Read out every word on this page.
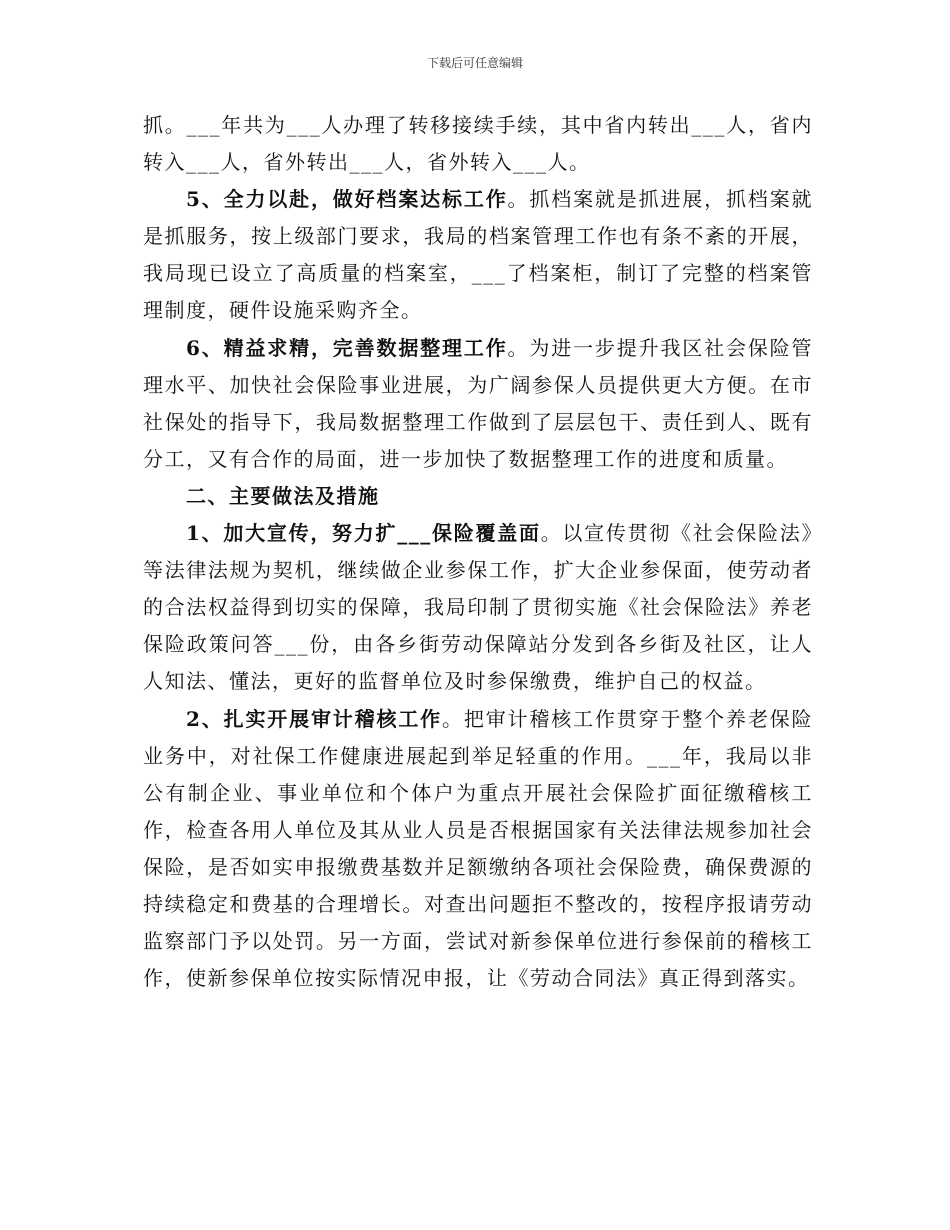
下载后可任意编辑

抓。___年共为___人办理了转移接续手续，其中省内转出___人，省内转入___人，省外转出___人，省外转入___人。

5、全力以赴，做好档案达标工作。抓档案就是抓进展，抓档案就是抓服务，按上级部门要求，我局的档案管理工作也有条不紊的开展，我局现已设立了高质量的档案室，___了档案柜，制订了完整的档案管理制度，硬件设施采购齐全。

6、精益求精，完善数据整理工作。为进一步提升我区社会保险管理水平、加快社会保险事业进展，为广阔参保人员提供更大方便。在市社保处的指导下，我局数据整理工作做到了层层包干、责任到人、既有分工，又有合作的局面，进一步加快了数据整理工作的进度和质量。

二、主要做法及措施

1、加大宣传，努力扩___保险覆盖面。以宣传贯彻《社会保险法》等法律法规为契机，继续做企业参保工作，扩大企业参保面，使劳动者的合法权益得到切实的保障，我局印制了贯彻实施《社会保险法》养老保险政策问答___份，由各乡街劳动保障站分发到各乡街及社区，让人人知法、懂法，更好的监督单位及时参保缴费，维护自己的权益。

2、扎实开展审计稽核工作。把审计稽核工作贯穿于整个养老保险业务中，对社保工作健康进展起到举足轻重的作用。___年，我局以非公有制企业、事业单位和个体户为重点开展社会保险扩面征缴稽核工作，检查各用人单位及其从业人员是否根据国家有关法律法规参加社会保险，是否如实申报缴费基数并足额缴纳各项社会保险费，确保费源的持续稳定和费基的合理增长。对查出问题拒不整改的，按程序报请劳动监察部门予以处罚。另一方面，尝试对新参保单位进行参保前的稽核工作，使新参保单位按实际情况申报，让《劳动合同法》真正得到落实。
